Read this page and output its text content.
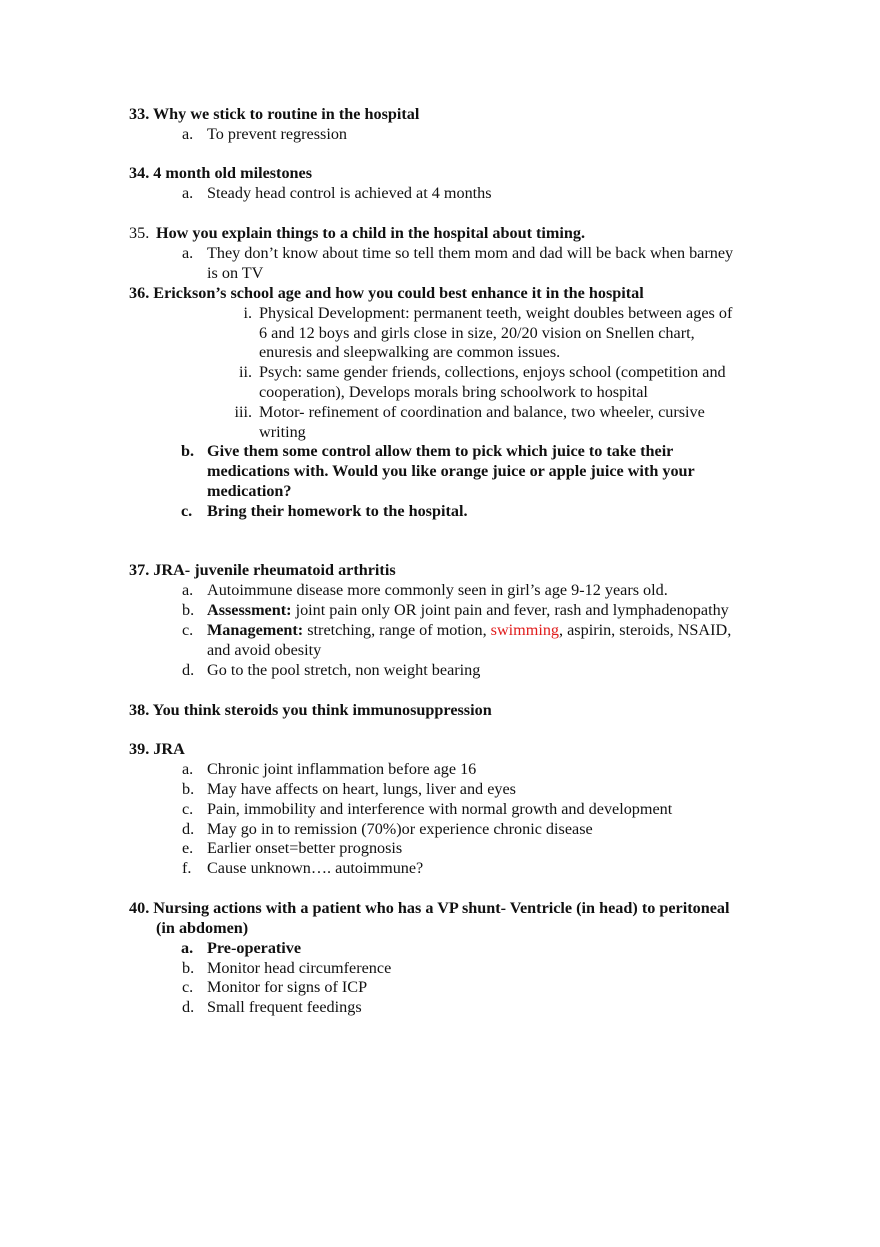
33. Why we stick to routine in the hospital
a. To prevent regression
34. 4 month old milestones
a. Steady head control is achieved at 4 months
35. How you explain things to a child in the hospital about timing.
a. They don’t know about time so tell them mom and dad will be back when barney
is on TV
36. Erickson’s school age and how you could best enhance it in the hospital
i. Physical Development: permanent teeth, weight doubles between ages of
6 and 12 boys and girls close in size, 20/20 vision on Snellen chart,
enuresis and sleepwalking are common issues.
ii. Psych: same gender friends, collections, enjoys school (competition and
cooperation), Develops morals bring schoolwork to hospital
iii. Motor- refinement of coordination and balance, two wheeler, cursive
writing
b. Give them some control allow them to pick which juice to take their
medications with. Would you like orange juice or apple juice with your
medication?
c. Bring their homework to the hospital.
37. JRA- juvenile rheumatoid arthritis
a. Autoimmune disease more commonly seen in girl’s age 9-12 years old.
b. Assessment: joint pain only OR joint pain and fever, rash and lymphadenopathy
c. Management: stretching, range of motion, swimming, aspirin, steroids, NSAID,
and avoid obesity
d. Go to the pool stretch, non weight bearing
38. You think steroids you think immunosuppression
39. JRA
a. Chronic joint inflammation before age 16
b. May have affects on heart, lungs, liver and eyes
c. Pain, immobility and interference with normal growth and development
d. May go in to remission (70%)or experience chronic disease
e. Earlier onset=better prognosis
f. Cause unknown…. autoimmune?
40. Nursing actions with a patient who has a VP shunt- Ventricle (in head) to peritoneal
(in abdomen)
a. Pre-operative
b. Monitor head circumference
c. Monitor for signs of ICP
d. Small frequent feedings
